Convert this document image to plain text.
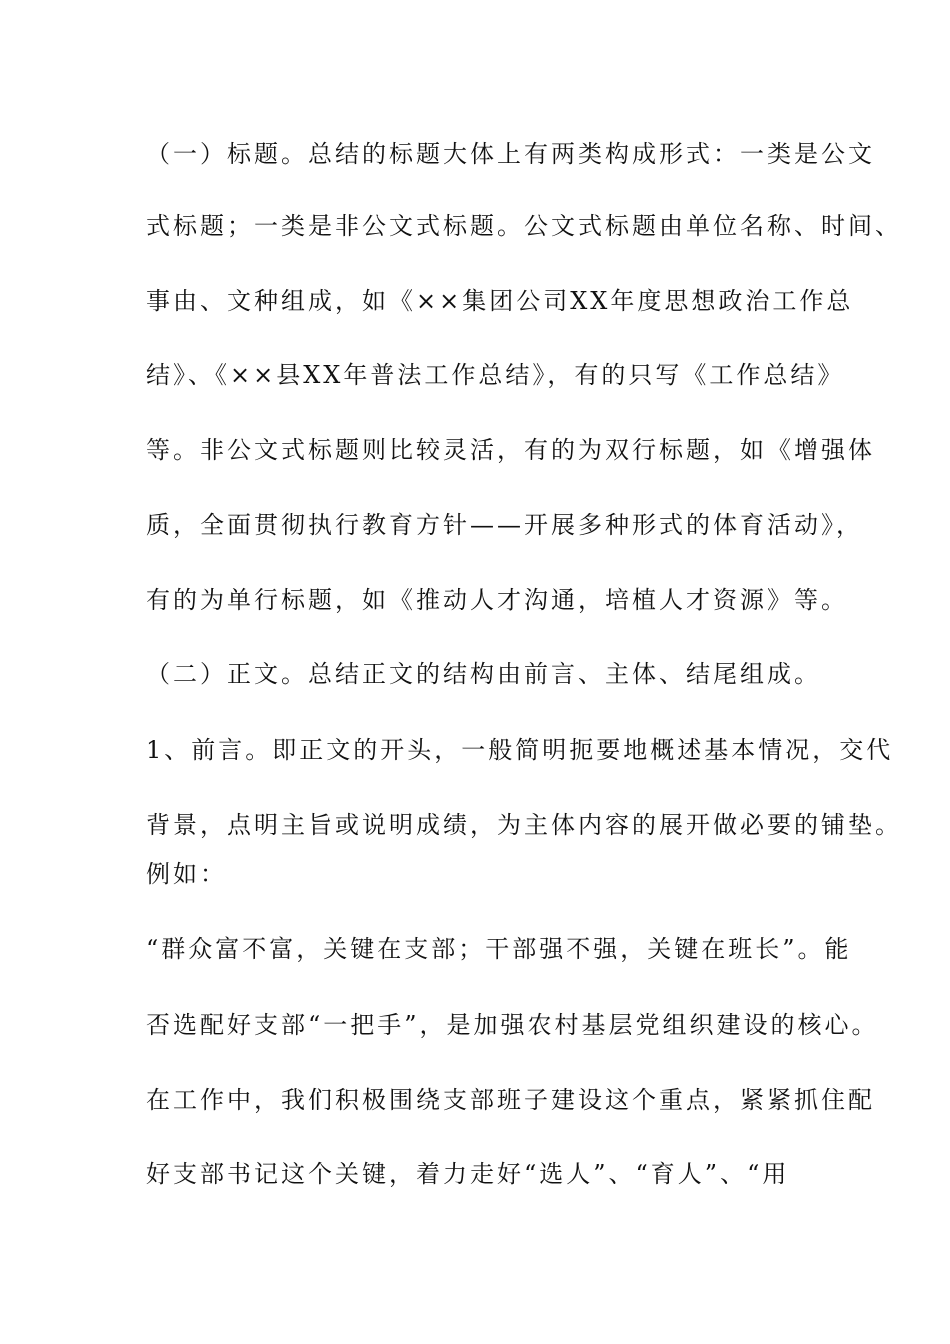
（一）标题。总结的标题大体上有两类构成形式：一类是公文
式标题；一类是非公文式标题。公文式标题由单位名称、时间、
事由、文种组成，如《××集团公司XX年度思想政治工作总
结》、《××县XX年普法工作总结》，有的只写《工作总结》
等。非公文式标题则比较灵活，有的为双行标题，如《增强体
质，全面贯彻执行教育方针——开展多种形式的体育活动》，
有的为单行标题，如《推动人才沟通，培植人才资源》等。
（二）正文。总结正文的结构由前言、主体、结尾组成。
1、前言。即正文的开头，一般简明扼要地概述基本情况，交代
背景，点明主旨或说明成绩，为主体内容的展开做必要的铺垫。
例如：
“群众富不富，关键在支部；干部强不强，关键在班长”。能
否选配好支部“一把手”，是加强农村基层党组织建设的核心。
在工作中，我们积极围绕支部班子建设这个重点，紧紧抓住配
好支部书记这个关键，着力走好“选人”、“育人”、“用
